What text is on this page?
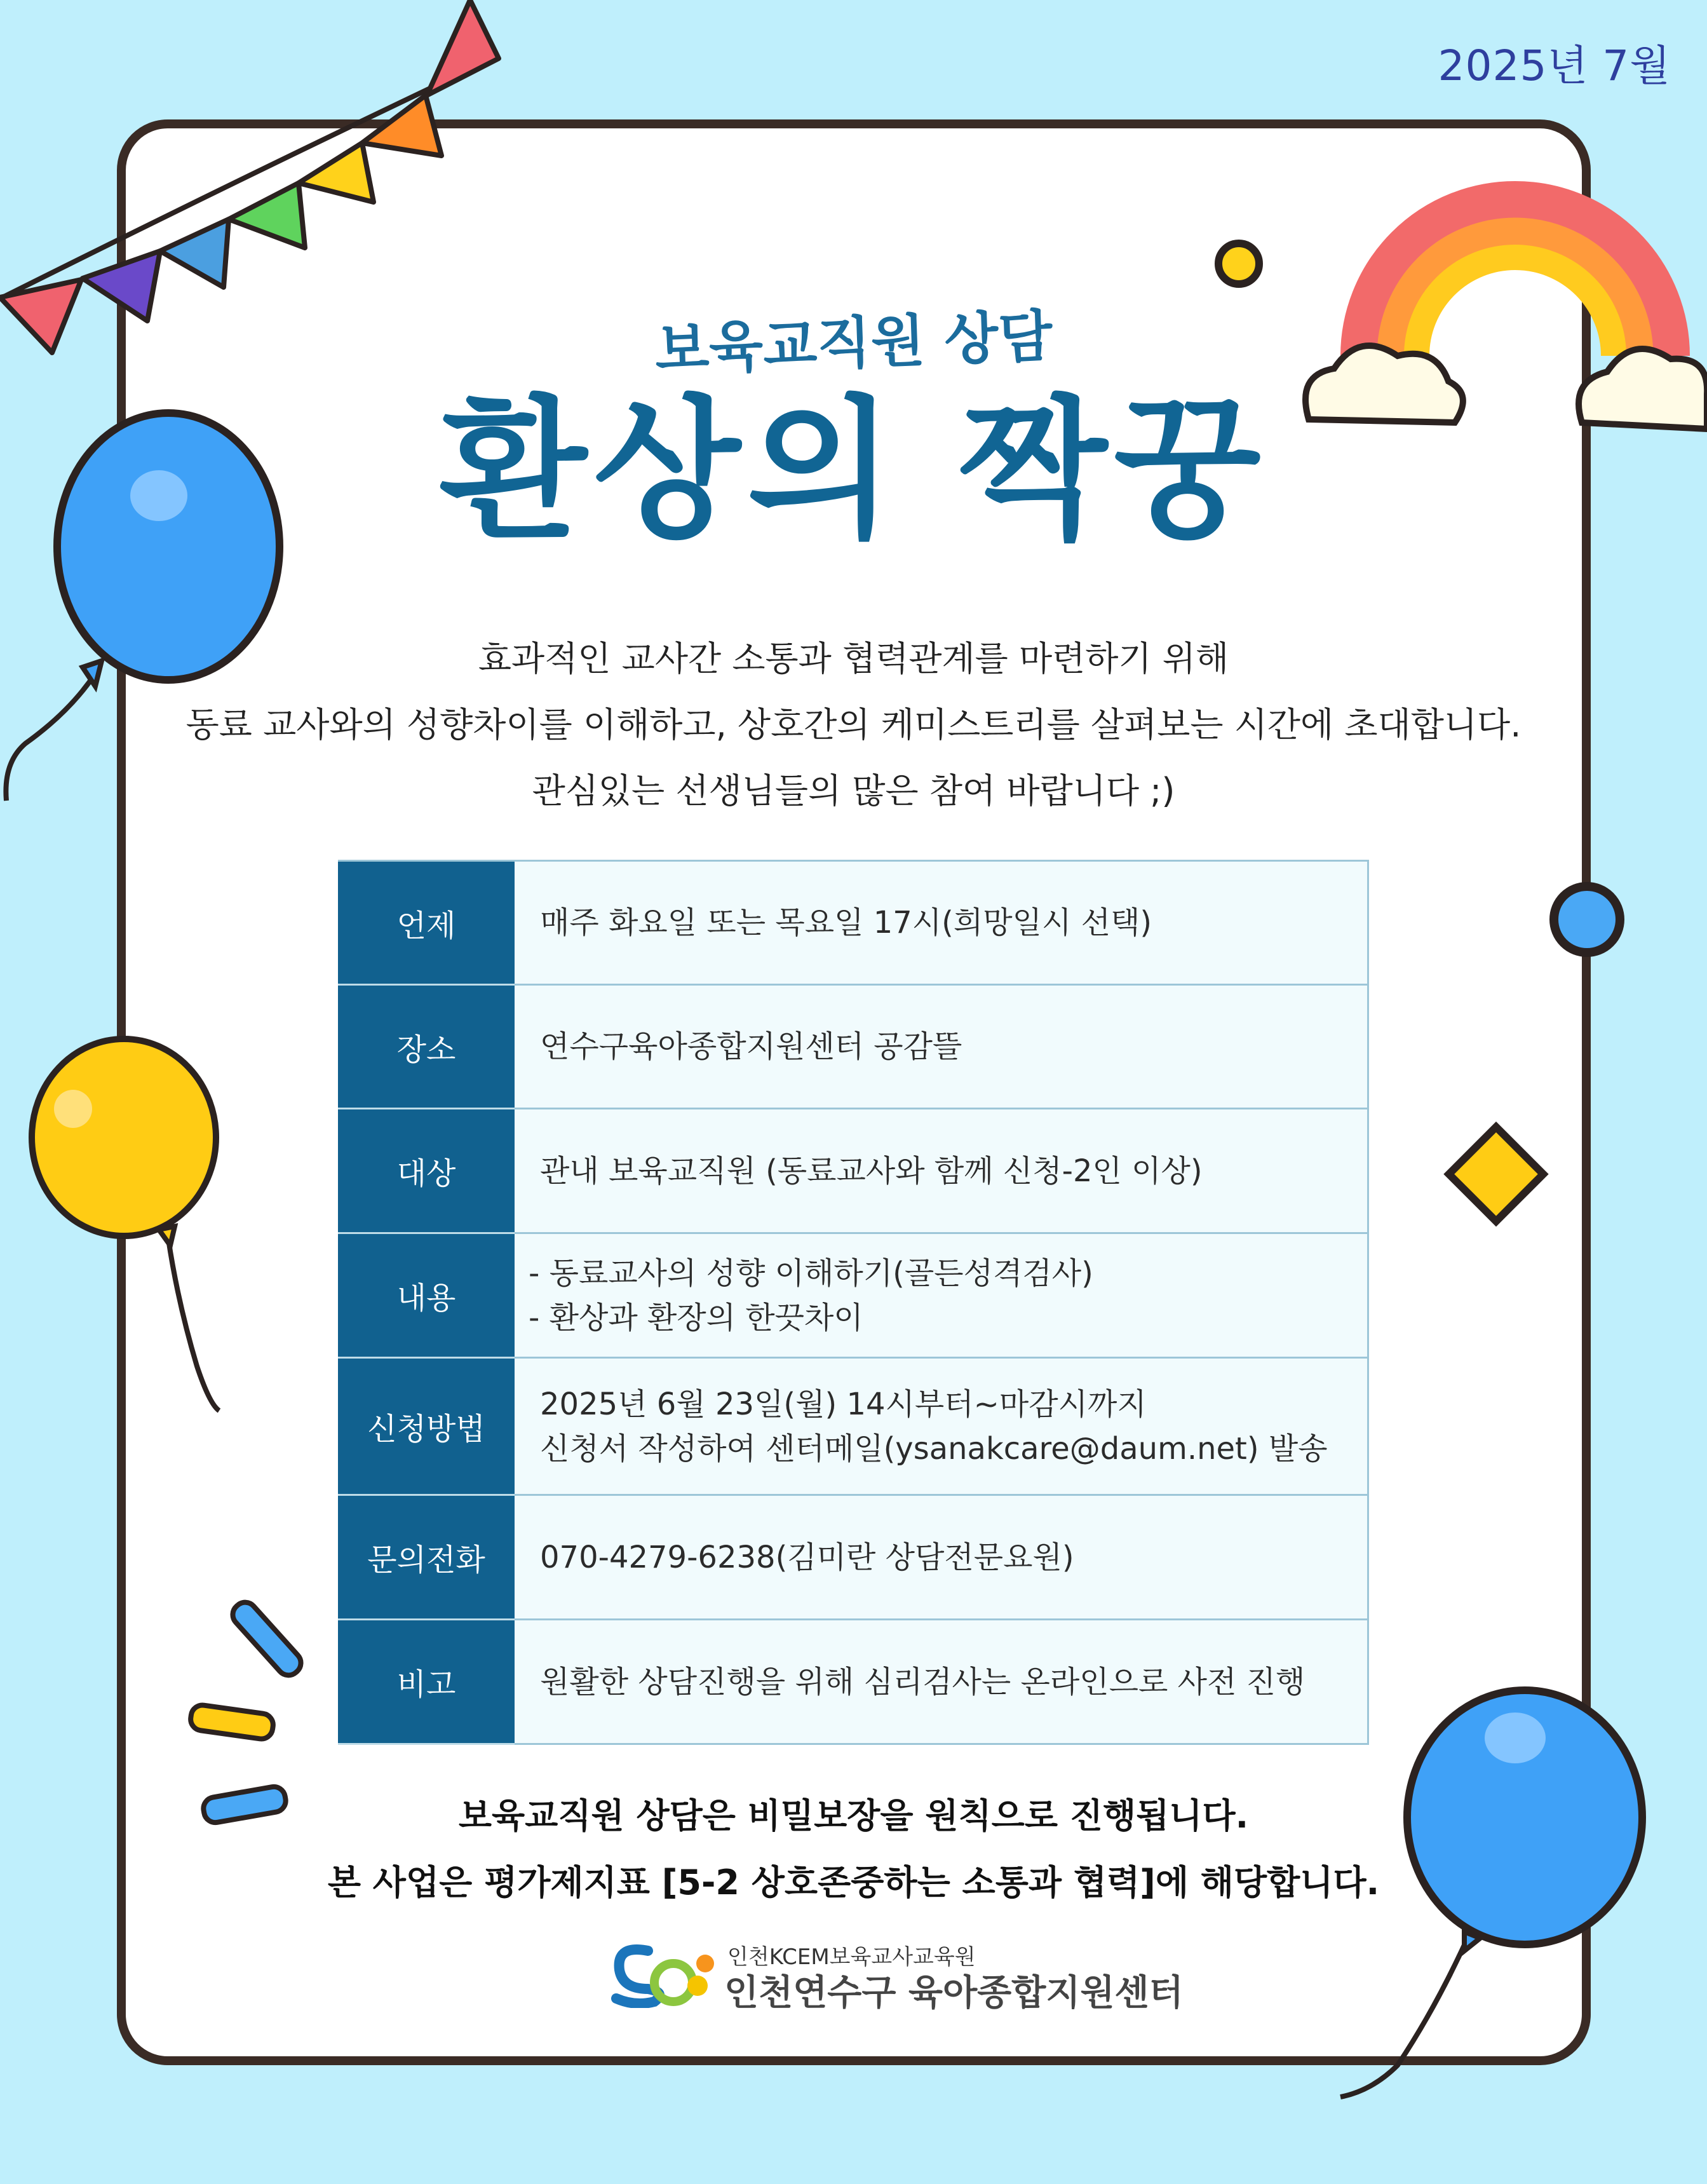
2025년 7월
보육교직원 상담
환상의 짝꿍
효과적인 교사간 소통과 협력관계를 마련하기 위해
동료 교사와의 성향차이를 이해하고, 상호간의 케미스트리를 살펴보는 시간에 초대합니다.
관심있는 선생님들의 많은 참여 바랍니다 ;)
언제	매주 화요일 또는 목요일 17시(희망일시 선택)

장소	연수구육아종합지원센터 공감뜰

대상	관내 보육교직원 (동료교사와 함께 신청-2인 이상)

내용	- 동료교사의 성향 이해하기(골든성격검사)
- 환상과 환장의 한끗차이

신청방법	2025년 6월 23일(월) 14시부터~마감시까지
신청서 작성하여 센터메일(ysanakcare@daum.net) 발송

문의전화	070-4279-6238(김미란 상담전문요원)

비고	원활한 상담진행을 위해 심리검사는 온라인으로 사전 진행
보육교직원 상담은 비밀보장을 원칙으로 진행됩니다.
본 사업은 평가제지표 [5-2 상호존중하는 소통과 협력]에 해당합니다.
인천KCEM보육교사교육원
인천연수구 육아종합지원센터
